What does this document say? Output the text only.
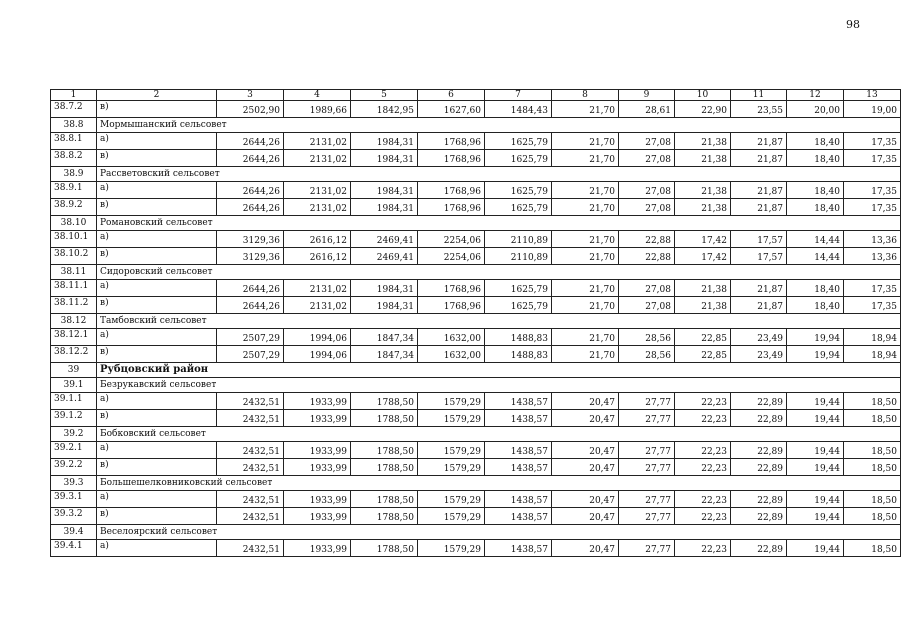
98
1	2	3	4	5	6	7	8	9	10	11	12	13
38.7.2	в)	2502,90	1989,66	1842,95	1627,60	1484,43	21,70	28,61	22,90	23,55	20,00	19,00
38.8	Мормышанский сельсовет											
38.8.1	а)	2644,26	2131,02	1984,31	1768,96	1625,79	21,70	27,08	21,38	21,87	18,40	17,35
38.8.2	в)	2644,26	2131,02	1984,31	1768,96	1625,79	21,70	27,08	21,38	21,87	18,40	17,35
38.9	Рассветовский сельсовет											
38.9.1	а)	2644,26	2131,02	1984,31	1768,96	1625,79	21,70	27,08	21,38	21,87	18,40	17,35
38.9.2	в)	2644,26	2131,02	1984,31	1768,96	1625,79	21,70	27,08	21,38	21,87	18,40	17,35
38.10	Романовский сельсовет											
38.10.1	а)	3129,36	2616,12	2469,41	2254,06	2110,89	21,70	22,88	17,42	17,57	14,44	13,36
38.10.2	в)	3129,36	2616,12	2469,41	2254,06	2110,89	21,70	22,88	17,42	17,57	14,44	13,36
38.11	Сидоровский сельсовет											
38.11.1	а)	2644,26	2131,02	1984,31	1768,96	1625,79	21,70	27,08	21,38	21,87	18,40	17,35
38.11.2	в)	2644,26	2131,02	1984,31	1768,96	1625,79	21,70	27,08	21,38	21,87	18,40	17,35
38.12	Тамбовский сельсовет											
38.12.1	а)	2507,29	1994,06	1847,34	1632,00	1488,83	21,70	28,56	22,85	23,49	19,94	18,94
38.12.2	в)	2507,29	1994,06	1847,34	1632,00	1488,83	21,70	28,56	22,85	23,49	19,94	18,94
39	Рубцовский район											
39.1	Безрукавский сельсовет											
39.1.1	а)	2432,51	1933,99	1788,50	1579,29	1438,57	20,47	27,77	22,23	22,89	19,44	18,50
39.1.2	в)	2432,51	1933,99	1788,50	1579,29	1438,57	20,47	27,77	22,23	22,89	19,44	18,50
39.2	Бобковский сельсовет											
39.2.1	а)	2432,51	1933,99	1788,50	1579,29	1438,57	20,47	27,77	22,23	22,89	19,44	18,50
39.2.2	в)	2432,51	1933,99	1788,50	1579,29	1438,57	20,47	27,77	22,23	22,89	19,44	18,50
39.3	Большешелковниковский сельсовет											
39.3.1	а)	2432,51	1933,99	1788,50	1579,29	1438,57	20,47	27,77	22,23	22,89	19,44	18,50
39.3.2	в)	2432,51	1933,99	1788,50	1579,29	1438,57	20,47	27,77	22,23	22,89	19,44	18,50
39.4	Веселоярский сельсовет											
39.4.1	а)	2432,51	1933,99	1788,50	1579,29	1438,57	20,47	27,77	22,23	22,89	19,44	18,50
